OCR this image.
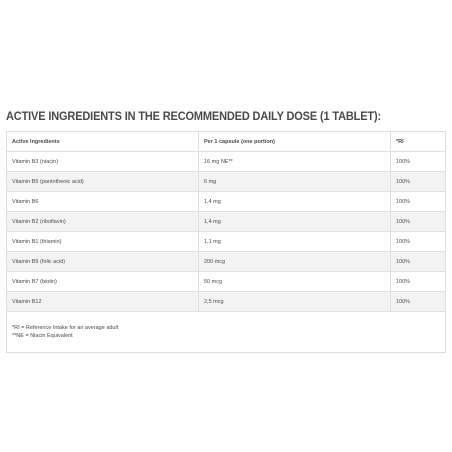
ACTIVE INGREDIENTS IN THE RECOMMENDED DAILY DOSE (1 TABLET):
Active Ingredients	Per 1 capsule (one portion)	*RI
Vitamin B3 (niacin)	16 mg NE**	100%
Vitamin B5 (pantothenic acid)	6 mg	100%
Vitamin B6	1,4 mg	100%
Vitamin B2 (riboflavin)	1,4 mg	100%
Vitamin B1 (thiamin)	1,1 mg	100%
Vitamin B9 (folic acid)	200 mcg	100%
Vitamin B7 (biotin)	50 mcg	100%
Vitamin B12	2,5 mcg	100%

*RI = Reference Intake for an average adult
**NE = Niacin Equivalent		
